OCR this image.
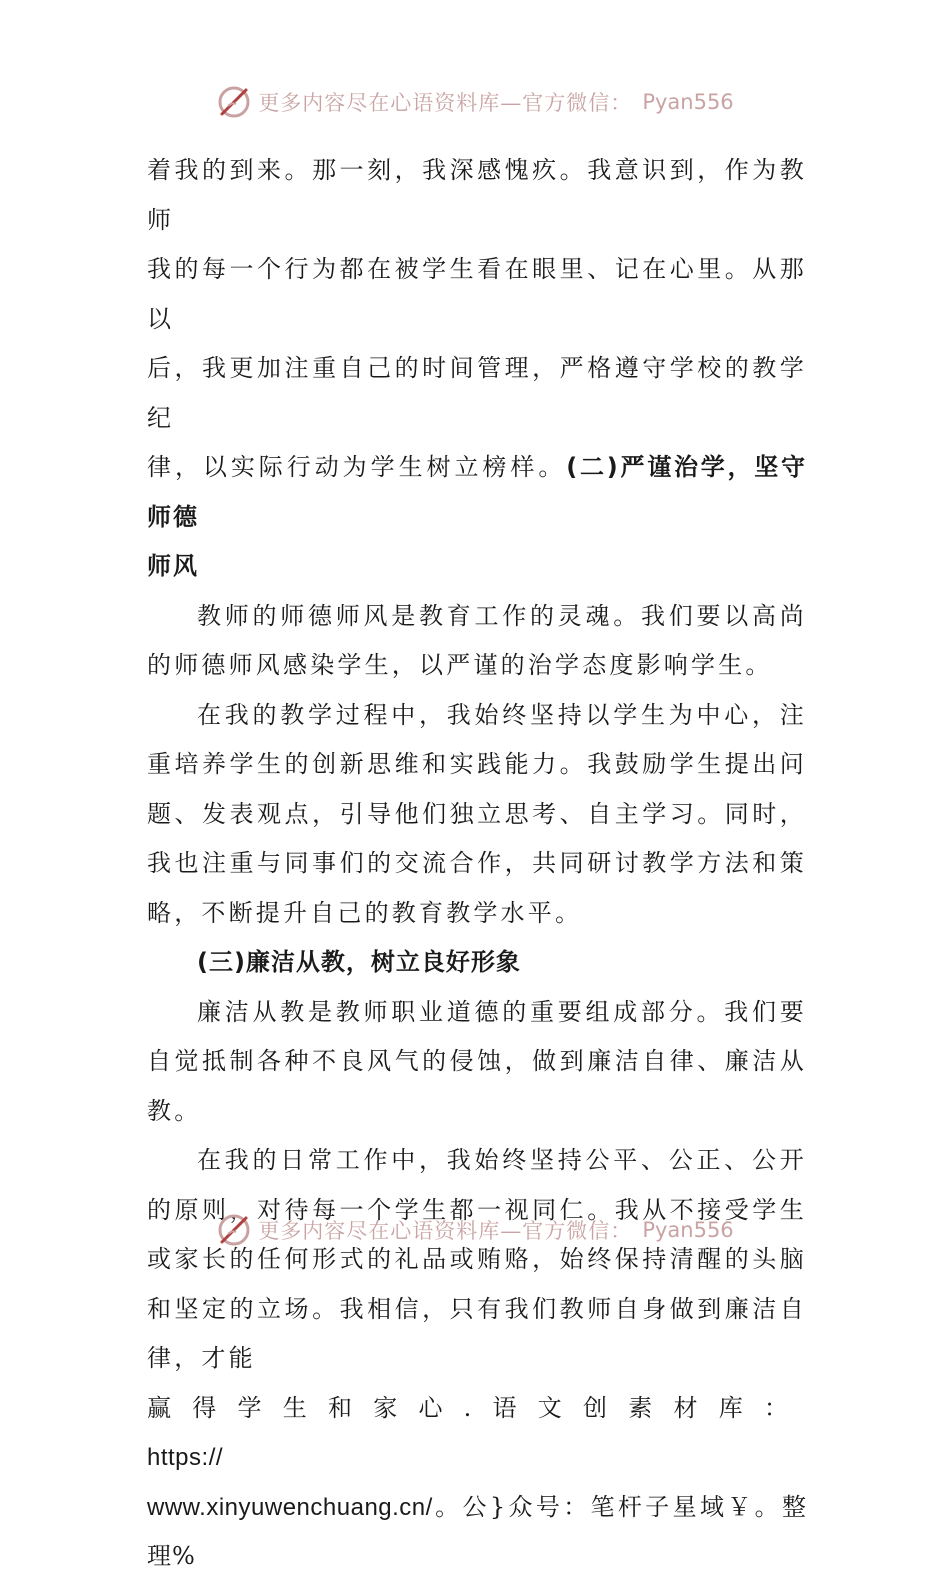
更多内容尽在心语资料库—官方微信： Pyan556

着我的到来。那一刻，我深感愧疚。我意识到，作为教师

我的每一个行为都在被学生看在眼里、记在心里。从那以

后，我更加注重自己的时间管理，严格遵守学校的教学纪

律，以实际行动为学生树立榜样。(二)严谨治学，坚守师德

师风

教师的师德师风是教育工作的灵魂。我们要以高尚的师德师风感染学生，以严谨的治学态度影响学生。

在我的教学过程中，我始终坚持以学生为中心，注重培养学生的创新思维和实践能力。我鼓励学生提出问题、发表观点，引导他们独立思考、自主学习。同时，我也注重与同事们的交流合作，共同研讨教学方法和策略，不断提升自己的教育教学水平。

(三)廉洁从教，树立良好形象

廉洁从教是教师职业道德的重要组成部分。我们要自觉抵制各种不良风气的侵蚀，做到廉洁自律、廉洁从教。

在我的日常工作中，我始终坚持公平、公正、公开的原则，对待每一个学生都一视同仁。我从不接受学生或家长的任何形式的礼品或贿赂，始终保持清醒的头脑和坚定的立场。我相信，只有我们教师自身做到廉洁自律，才能

赢得学生和家心.语文创素材库：https://

www.xinyuwenchuang.cn/。公}众号：笔杆子星域￥。整理%

更多内容尽在心语资料库—官方微信： Pyan556
